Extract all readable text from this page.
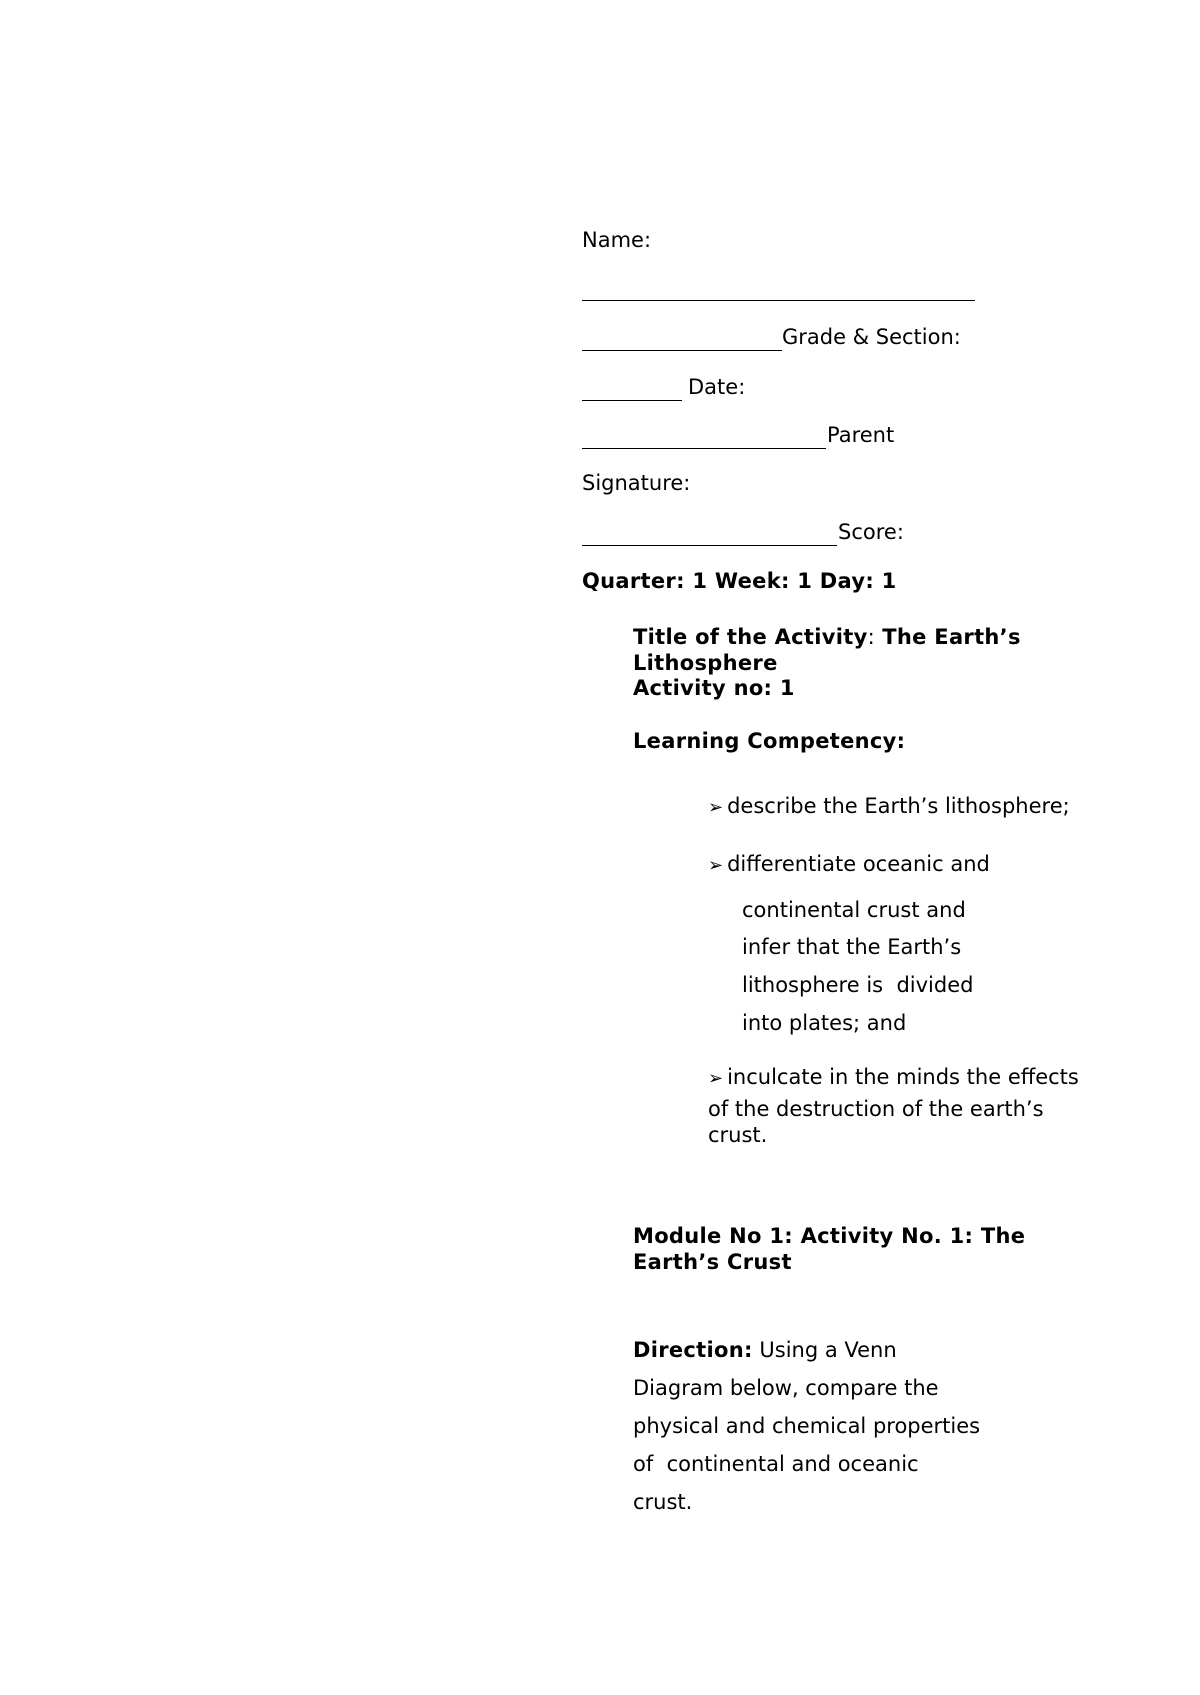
Name:
Grade & Section:
Date:
Parent
Signature:
Score:
Quarter: 1 Week: 1 Day: 1
Title of the Activity: The Earth’s
Lithosphere
Activity no: 1
Learning Competency:
➢ describe the Earth’s lithosphere;
➢ differentiate oceanic and
continental crust and
infer that the Earth’s
lithosphere is  divided
into plates; and
➢ inculcate in the minds the effects
of the destruction of the earth’s
crust.
Module No 1: Activity No. 1: The
Earth’s Crust
Direction: Using a Venn
Diagram below, compare the
physical and chemical properties
of  continental and oceanic
crust.
